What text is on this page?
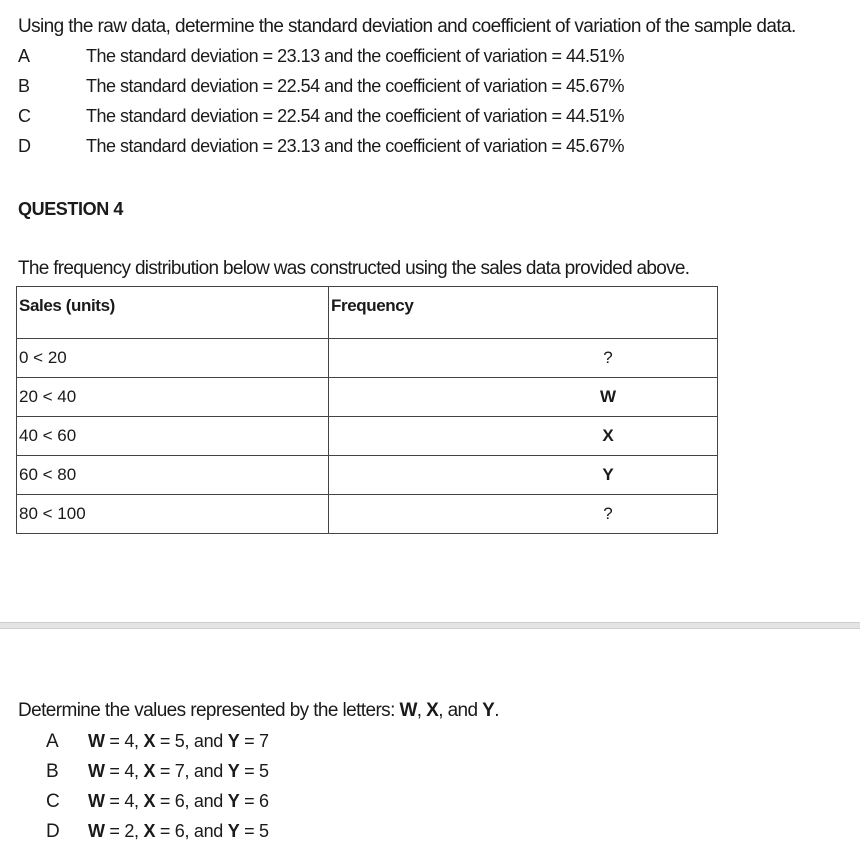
Using the raw data, determine the standard deviation and coefficient of variation of the sample data.
A	The standard deviation = 23.13 and the coefficient of variation = 44.51%
B	The standard deviation = 22.54 and the coefficient of variation = 45.67%
C	The standard deviation = 22.54 and the coefficient of variation = 44.51%
D	The standard deviation = 23.13 and the coefficient of variation = 45.67%
QUESTION 4
The frequency distribution below was constructed using the sales data provided above.
Sales (units)	Frequency
0 < 20	?
20 < 40	W
40 < 60	X
60 < 80	Y
80 < 100	?
Determine the values represented by the letters: W, X, and Y.
A W = 4, X = 5, and Y = 7
B W = 4, X = 7, and Y = 5
C W = 4, X = 6, and Y = 6
D W = 2, X = 6, and Y = 5
